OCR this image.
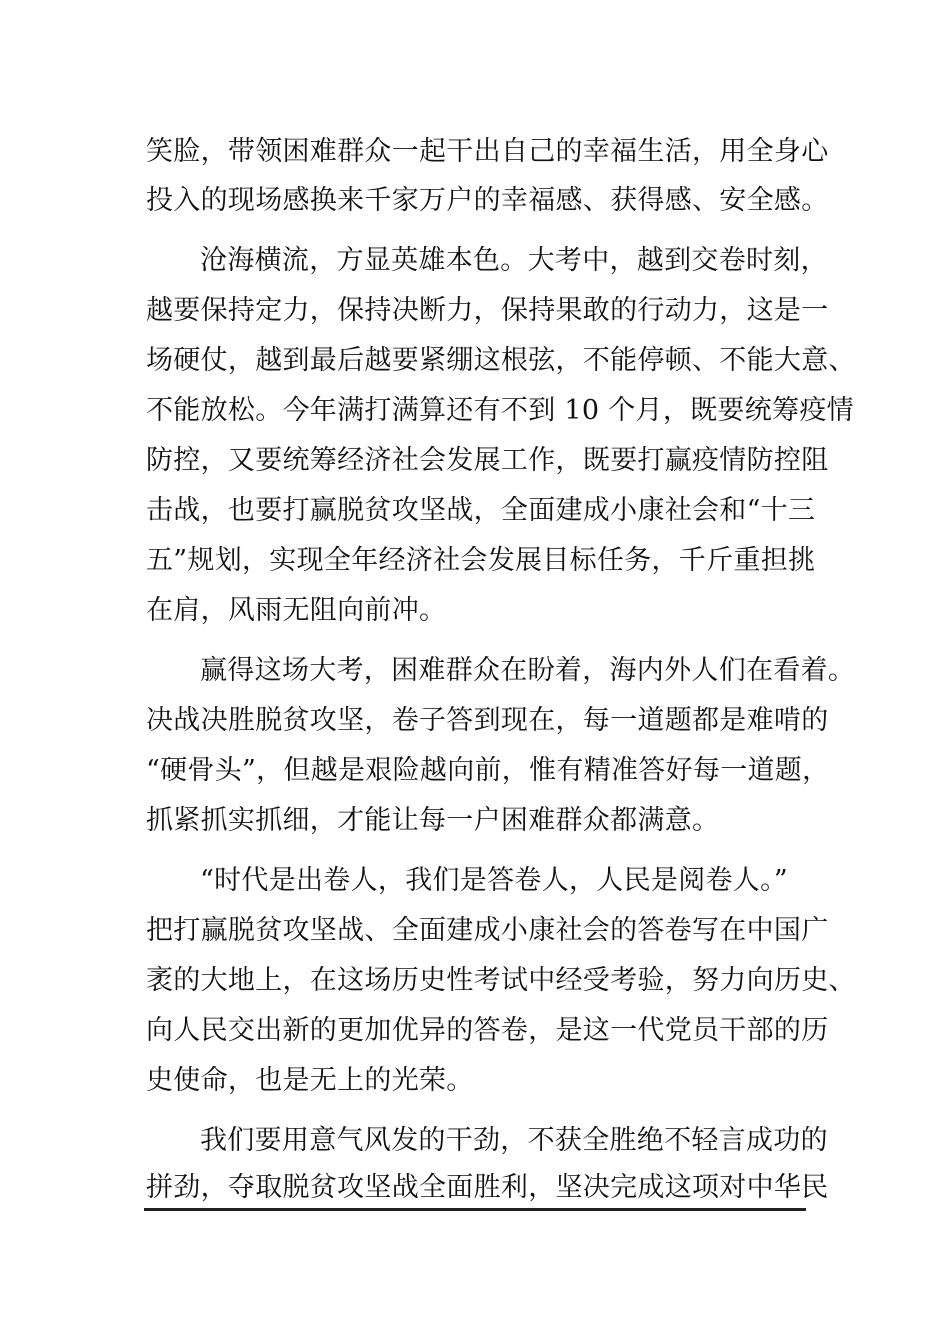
笑脸，带领困难群众一起干出自己的幸福生活，用全身心
投入的现场感换来千家万户的幸福感、获得感、安全感。
沧海横流，方显英雄本色。大考中，越到交卷时刻，
越要保持定力，保持决断力，保持果敢的行动力，这是一
场硬仗，越到最后越要紧绷这根弦，不能停顿、不能大意、
不能放松。今年满打满算还有不到 10 个月，既要统筹疫情
防控，又要统筹经济社会发展工作，既要打赢疫情防控阻
击战，也要打赢脱贫攻坚战，全面建成小康社会和“十三
五”规划，实现全年经济社会发展目标任务，千斤重担挑
在肩，风雨无阻向前冲。
赢得这场大考，困难群众在盼着，海内外人们在看着。
决战决胜脱贫攻坚，卷子答到现在，每一道题都是难啃的
“硬骨头”，但越是艰险越向前，惟有精准答好每一道题，
抓紧抓实抓细，才能让每一户困难群众都满意。
“时代是出卷人，我们是答卷人，人民是阅卷人。”
把打赢脱贫攻坚战、全面建成小康社会的答卷写在中国广
袤的大地上，在这场历史性考试中经受考验，努力向历史、
向人民交出新的更加优异的答卷，是这一代党员干部的历
史使命，也是无上的光荣。
我们要用意气风发的干劲，不获全胜绝不轻言成功的
拼劲，夺取脱贫攻坚战全面胜利，坚决完成这项对中华民
